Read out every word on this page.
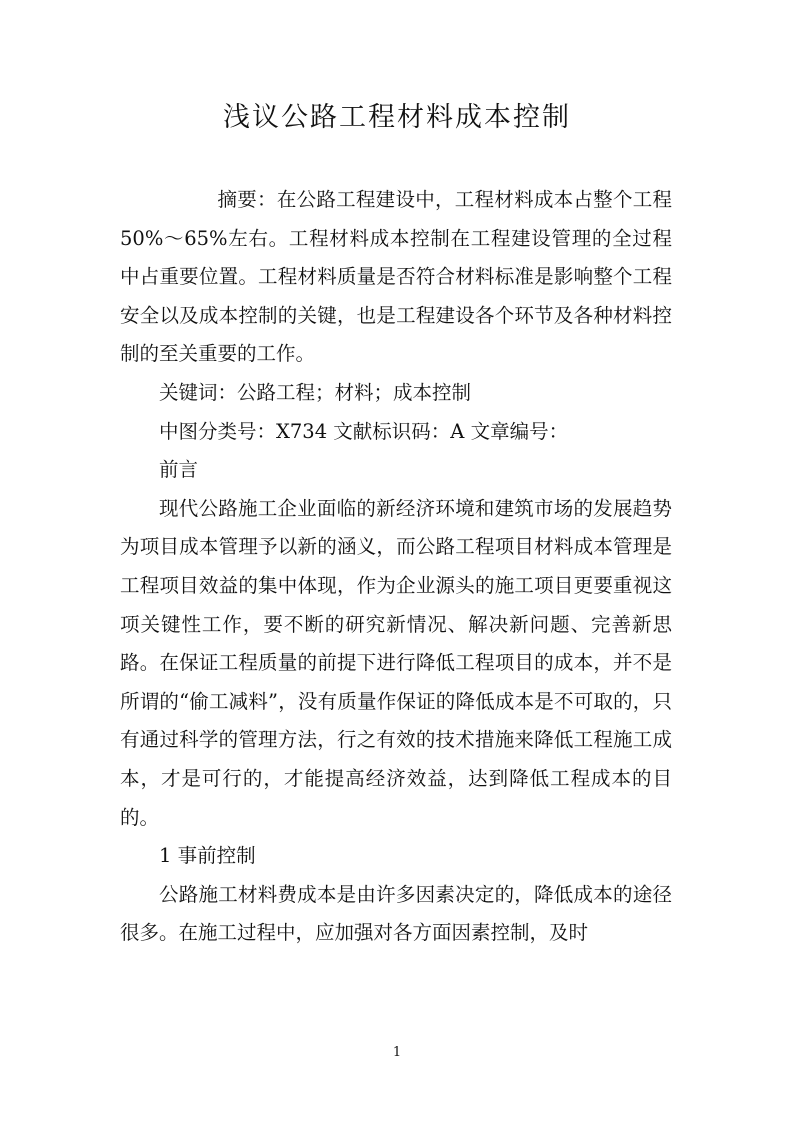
浅议公路工程材料成本控制

摘要：在公路工程建设中，工程材料成本占整个工程 50%～65%左右。工程材料成本控制在工程建设管理的全过程中占重要位置。工程材料质量是否符合材料标准是影响整个工程安全以及成本控制的关键，也是工程建设各个环节及各种材料控制的至关重要的工作。

关键词：公路工程；材料；成本控制

中图分类号：X734 文献标识码：A 文章编号：

前言

现代公路施工企业面临的新经济环境和建筑市场的发展趋势为项目成本管理予以新的涵义，而公路工程项目材料成本管理是工程项目效益的集中体现，作为企业源头的施工项目更要重视这项关键性工作，要不断的研究新情况、解决新问题、完善新思路。在保证工程质量的前提下进行降低工程项目的成本，并不是所谓的“偷工减料”，没有质量作保证的降低成本是不可取的，只有通过科学的管理方法，行之有效的技术措施来降低工程施工成本，才是可行的，才能提高经济效益，达到降低工程成本的目的。

1 事前控制

公路施工材料费成本是由许多因素决定的，降低成本的途径很多。在施工过程中，应加强对各方面因素控制，及时

1
